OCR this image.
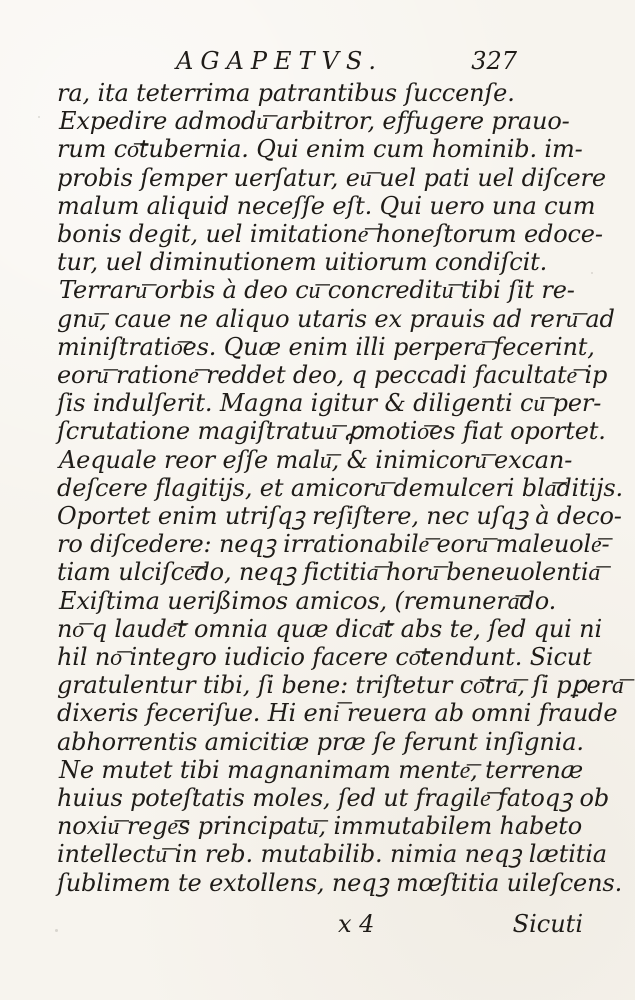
AGAPETVS.	327
ra, ita teterrima patrantibus ſuccenſe.
Expedire admodu͞ arbitror, effugere prauo-
rum co͞tubernia. Qui enim cum hominib. im-
probis ſemper uerſatur, eu͞ uel pati uel diſcere
malum aliquid neceſſe eſt. Qui uero una cum
bonis degit, uel imitatione͞ honeſtorum edoce-
tur, uel diminutionem uitiorum condiſcit.
Terraru͞ orbis à deo cu͞ concreditu͞ tibi ſit re-
gnu͞, caue ne aliquo utaris ex prauis ad reru͞ ad
miniſtratio͞es. Quæ enim illi perpera͞ fecerint,
eoru͞ ratione͞ reddet deo, q peccadi facultate͞ ip
ſis indulſerit. Magna igitur & diligenti cu͞ per-
ſcrutatione magiſtratuu͞ ꝓmotio͞es fiat oportet.
Aequale reor eſſe malu͞, & inimicoru͞ excan-
deſcere flagitijs, et amicoru͞ demulceri bla͞ditijs.
Oportet enim utriſqꝫ reſiſtere, nec uſqꝫ à deco-
ro diſcedere: neqꝫ irrationabile͞ eoru͞ maleuole͞-
tiam ulciſce͞do, neqꝫ fictitia͞ horu͞ beneuolentia͞
Exiſtima uerißimos amicos, (remunera͞do.
no͞ q laude͞t omnia quæ dica͞t abs te, ſed qui ni
hil no͞ integro iudicio facere co͞tendunt. Sicut
gratulentur tibi, ſi bene: triſtetur co͞tra͞, ſi pꝑera͞
dixeris feceriſue. Hi eni͞ reuera ab omni fraude
abhorrentis amicitiæ præ ſe ferunt inſignia.
Ne mutet tibi magnanimam mente͞, terrenæ
huius poteſtatis moles, ſed ut fragile͞ fatoqꝫ ob
noxiu͞ rege͞s principatu͞, immutabilem habeto
intellectu͞ in reb. mutabilib. nimia neqꝫ lætitia
ſublimem te extollens, neqꝫ mœſtitia uileſcens.
x 4	Sicuti
